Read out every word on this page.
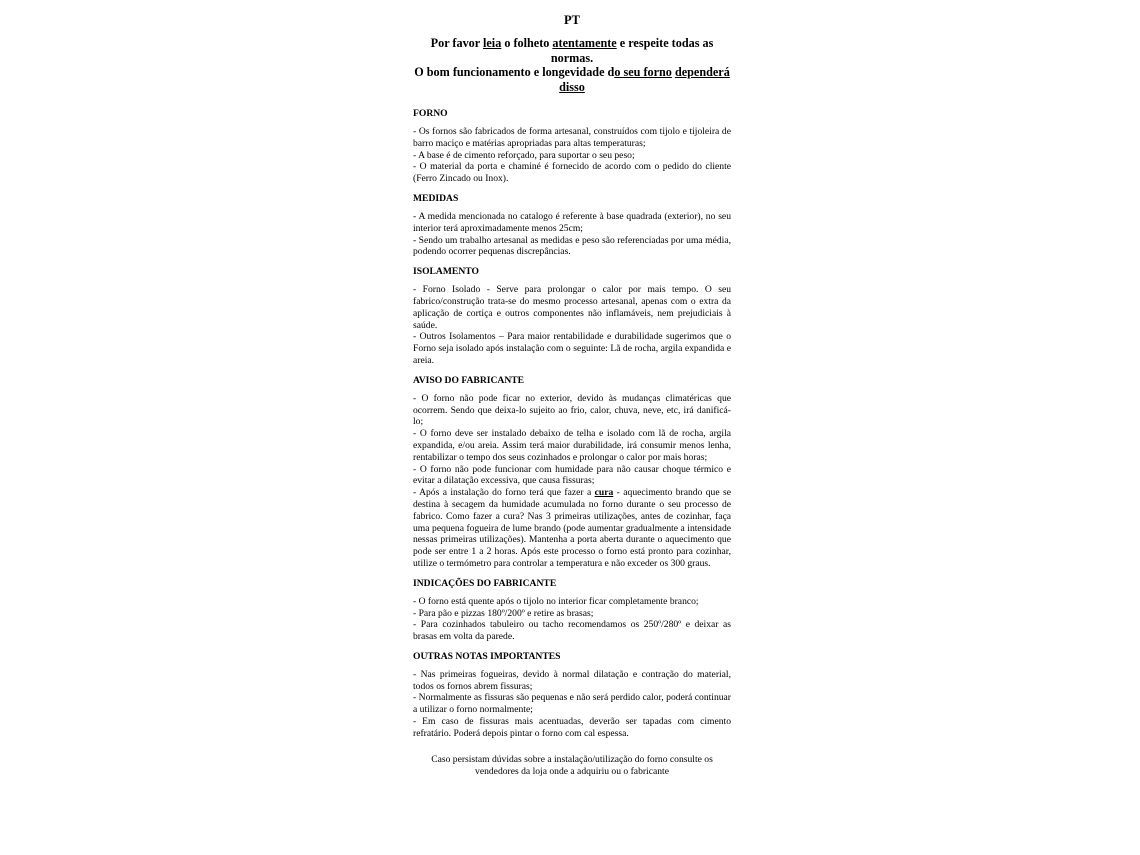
PT
Por favor leia o folheto atentamente e respeite todas as normas.
O bom funcionamento e longevidade do seu forno dependerá disso
FORNO

- Os fornos são fabricados de forma artesanal, construídos com tijolo e tijoleira de barro maciço e matérias apropriadas para altas temperaturas;

- A base é de cimento reforçado, para suportar o seu peso;

- O material da porta e chaminé é fornecido de acordo com o pedido do cliente (Ferro Zincado ou Inox).

MEDIDAS

- A medida mencionada no catalogo é referente à base quadrada (exterior), no seu interior terá aproximadamente menos 25cm;

- Sendo um trabalho artesanal as medidas e peso são referenciadas por uma média, podendo ocorrer pequenas discrepâncias.

ISOLAMENTO

- Forno Isolado - Serve para prolongar o calor por mais tempo. O seu fabrico/construção trata-se do mesmo processo artesanal, apenas com o extra da aplicação de cortiça e outros componentes não inflamáveis, nem prejudiciais à saúde.

- Outros Isolamentos – Para maior rentabilidade e durabilidade sugerimos que o Forno seja isolado após instalação com o seguinte: Lã de rocha, argila expandida e areia.

AVISO DO FABRICANTE

- O forno não pode ficar no exterior, devido às mudanças climatéricas que ocorrem. Sendo que deixa-lo sujeito ao frio, calor, chuva, neve, etc, irá danificá-lo;

- O forno deve ser instalado debaixo de telha e isolado com lã de rocha, argila expandida, e/ou areia. Assim terá maior durabilidade, irá consumir menos lenha, rentabilizar o tempo dos seus cozinhados e prolongar o calor por mais horas;

- O forno não pode funcionar com humidade para não causar choque térmico e evitar a dilatação excessiva, que causa fissuras;

- Após a instalação do forno terá que fazer a cura - aquecimento brando que se destina à secagem da humidade acumulada no forno durante o seu processo de fabrico. Como fazer a cura? Nas 3 primeiras utilizações, antes de cozinhar, faça uma pequena fogueira de lume brando (pode aumentar gradualmente a intensidade nessas primeiras utilizações). Mantenha a porta aberta durante o aquecimento que pode ser entre 1 a 2 horas. Após este processo o forno está pronto para cozinhar, utilize o termómetro para controlar a temperatura e não exceder os 300 graus.

INDICAÇÕES DO FABRICANTE

- O forno está quente após o tijolo no interior ficar completamente branco;

- Para pão e pizzas 180º/200º e retire as brasas;

- Para cozinhados tabuleiro ou tacho recomendamos os 250º/280º e deixar as brasas em volta da parede.

OUTRAS NOTAS IMPORTANTES

- Nas primeiras fogueiras, devido à normal dilatação e contração do material, todos os fornos abrem fissuras;

- Normalmente as fissuras são pequenas e não será perdido calor, poderá continuar a utilizar o forno normalmente;

- Em caso de fissuras mais acentuadas, deverão ser tapadas com cimento refratário. Poderá depois pintar o forno com cal espessa.

Caso persistam dúvidas sobre a instalação/utilização do forno consulte os vendedores da loja onde a adquiriu ou o fabricante
